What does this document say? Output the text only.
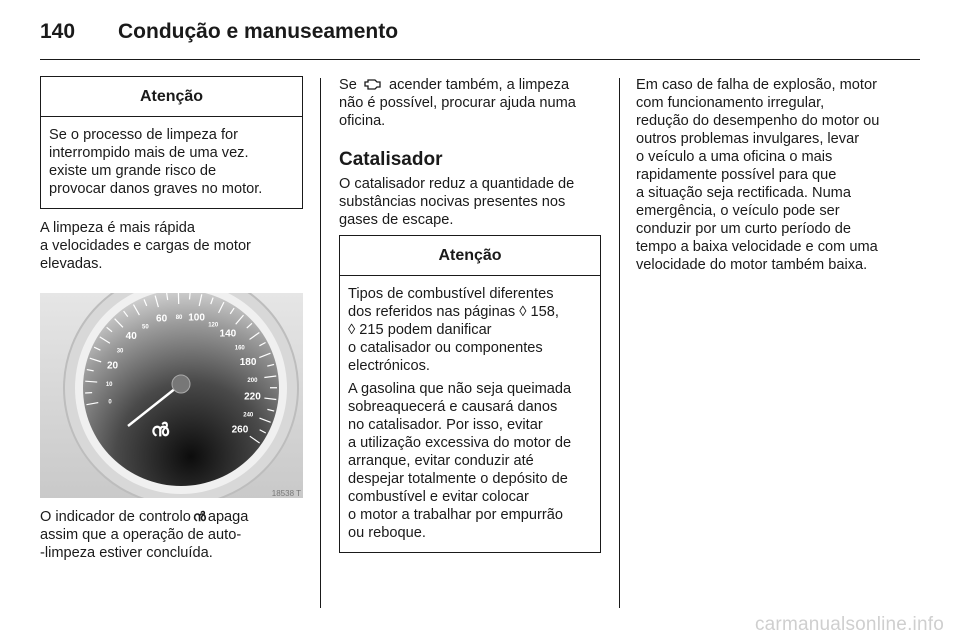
140	Condução e manuseamento
Atenção

Se o processo de limpeza for
interrompido mais de uma vez.
existe um grande risco de
provocar danos graves no motor.

A limpeza é mais rápida
a velocidades e cargas de motor
elevadas.

0
10
20
30
40
50
60 80 100
120
140
160
180
200
220
240
260
ൻ
18538 T

O indicador de controlo ൻ apaga
assim que a operação de auto-
-limpeza estiver concluída.

Se acender também, a limpeza
não é possível, procurar ajuda numa
oficina.

Catalisador

O catalisador reduz a quantidade de
substâncias nocivas presentes nos
gases de escape.

Atenção

Tipos de combustível diferentes
dos referidos nas páginas ◊ 158,
◊ 215 podem danificar
o catalisador ou componentes
electrónicos.

A gasolina que não seja queimada
sobreaquecerá e causará danos
no catalisador. Por isso, evitar
a utilização excessiva do motor de
arranque, evitar conduzir até
despejar totalmente o depósito de
combustível e evitar colocar
o motor a trabalhar por empurrão
ou reboque.

Em caso de falha de explosão, motor
com funcionamento irregular,
redução do desempenho do motor ou
outros problemas invulgares, levar
o veículo a uma oficina o mais
rapidamente possível para que
a situação seja rectificada. Numa
emergência, o veículo pode ser
conduzir por um curto período de
tempo a baixa velocidade e com uma
velocidade do motor também baixa.

carmanualsonline.info
